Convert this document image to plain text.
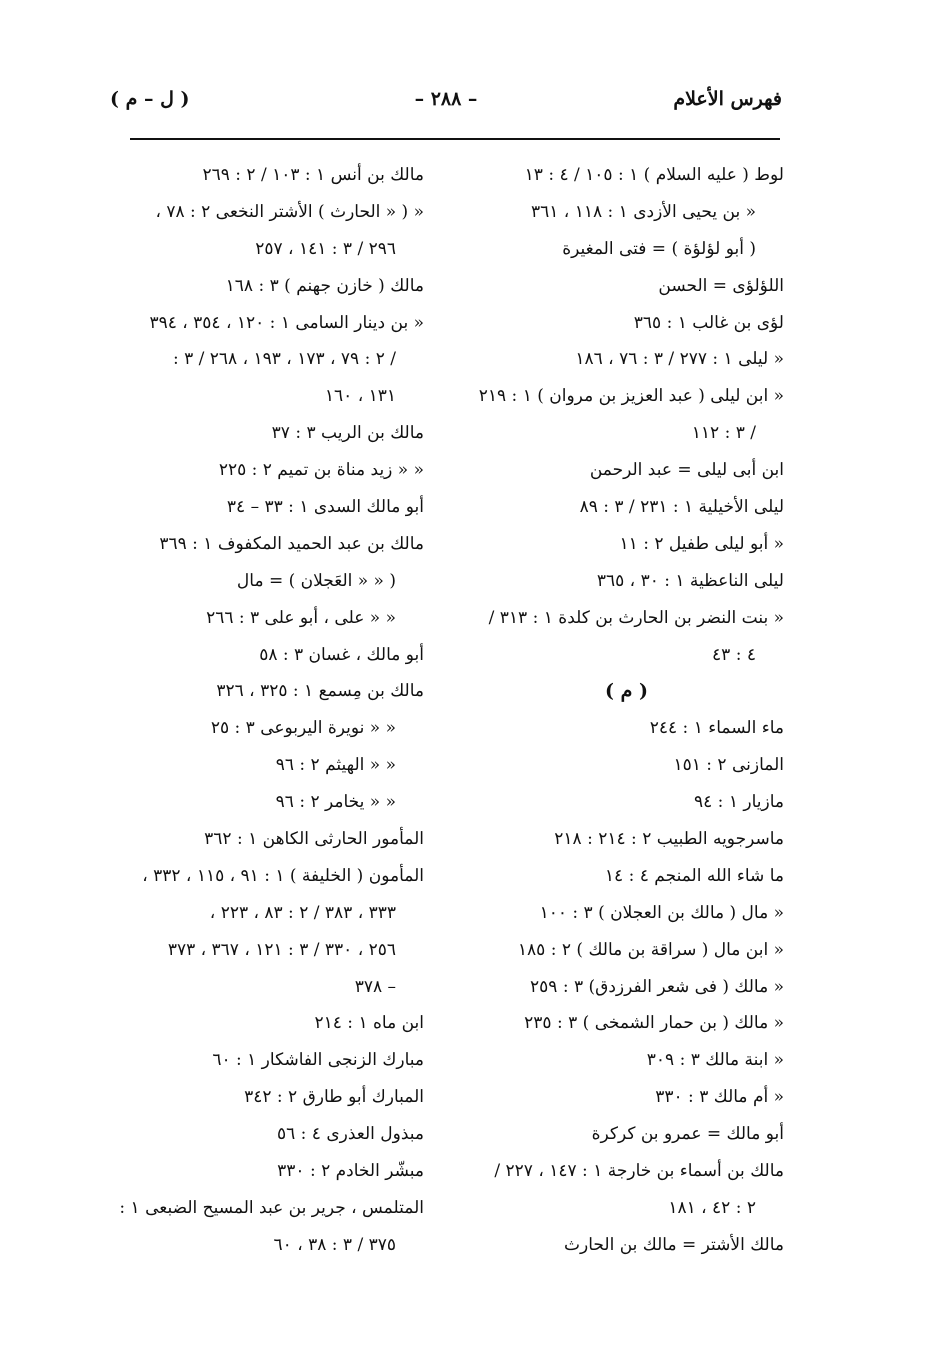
فهرس الأعلام
– ٢٨٨ –
( ل – م )
لوط ( عليه السلام ) ١ : ١٠٥ / ٤ : ١٣
« بن يحيى الأزدى ١ : ١١٨ ، ٣٦١
( أبو لؤلؤة ) = فتى المغيرة
اللؤلؤى = الحسن
لؤى بن غالب ١ : ٣٦٥
« ليلى ١ : ٢٧٧ / ٣ : ٧٦ ، ١٨٦
« ابن ليلى ( عبد العزيز بن مروان ) ١ : ٢١٩
/ ٣ : ١١٢
ابن أبى ليلى = عبد الرحمن
ليلى الأخيلية ١ : ٢٣١ / ٣ : ٨٩
« أبو ليلى طفيل ٢ : ١١
ليلى الناعظية ١ : ٣٠ ، ٣٦٥
« بنت النضر بن الحارث بن كلدة ١ : ٣١٣ /
٤ : ٤٣
( م )
ماء السماء ١ : ٢٤٤
المازنى ٢ : ١٥١
مازيار ١ : ٩٤
ماسرجويه الطبيب ٢ : ٢١٤ : ٢١٨
ما شاء الله المنجم ٤ : ١٤
« مال ( مالك بن العجلان ) ٣ : ١٠٠
« ابن مال ( سراقة بن مالك ) ٢ : ١٨٥
« مالك ( فى شعر الفرزدق) ٣ : ٢٥٩
« مالك ( بن حمار الشمخى ) ٣ : ٢٣٥
« ابنة مالك ٣ : ٣٠٩
« أم مالك ٣ : ٣٣٠
أبو مالك = عمرو بن كركرة
مالك بن أسماء بن خارجة ١ : ١٤٧ ، ٢٢٧ /
٢ : ٤٢ ، ١٨١
مالك الأشتر = مالك بن الحارث
مالك بن أنس ١ : ١٠٣ / ٢ : ٢٦٩
« ( « الحارث ) الأشتر النخعى ٢ : ٧٨ ،
٢٩٦ / ٣ : ١٤١ ، ٢٥٧
مالك ( خازن جهنم ) ٣ : ١٦٨
« بن دينار السامى ١ : ١٢٠ ، ٣٥٤ ، ٣٩٤
/ ٢ : ٧٩ ، ١٧٣ ، ١٩٣ ، ٢٦٨ / ٣ :
١٣١ ، ١٦٠
مالك بن الريب ٣ : ٣٧
« « زيد مناة بن تميم ٢ : ٢٢٥
أبو مالك السدى ١ : ٣٣ – ٣٤
مالك بن عبد الحميد المكفوف ١ : ٣٦٩
( « « العَجلان ) = مال
« « على ، أبو على ٣ : ٢٦٦
أبو مالك ، غسان ٣ : ٥٨
مالك بن مِسمع ١ : ٣٢٥ ، ٣٢٦
« « نويرة اليربوعى ٣ : ٢٥
« « الهيثم ٢ : ٩٦
« « يخامر ٢ : ٩٦
المأمور الحارثى الكاهن ١ : ٣٦٢
المأمون ( الخليفة ) ١ : ٩١ ، ١١٥ ، ٣٣٢ ،
٣٣٣ ، ٣٨٣ / ٢ : ٨٣ ، ٢٢٣ ،
٢٥٦ ، ٣٣٠ / ٣ : ١٢١ ، ٣٦٧ ، ٣٧٣
– ٣٧٨
ابن ماه ١ : ٢١٤
مبارك الزنجى الفاشكار ١ : ٦٠
المبارك أبو طارق ٢ : ٣٤٢
مبذول العذرى ٤ : ٥٦
مبشّر الخادم ٢ : ٣٣٠
المتلمس ، جرير بن عبد المسيح الضبعى ١ :
٣٧٥ / ٣ : ٣٨ ، ٦٠
